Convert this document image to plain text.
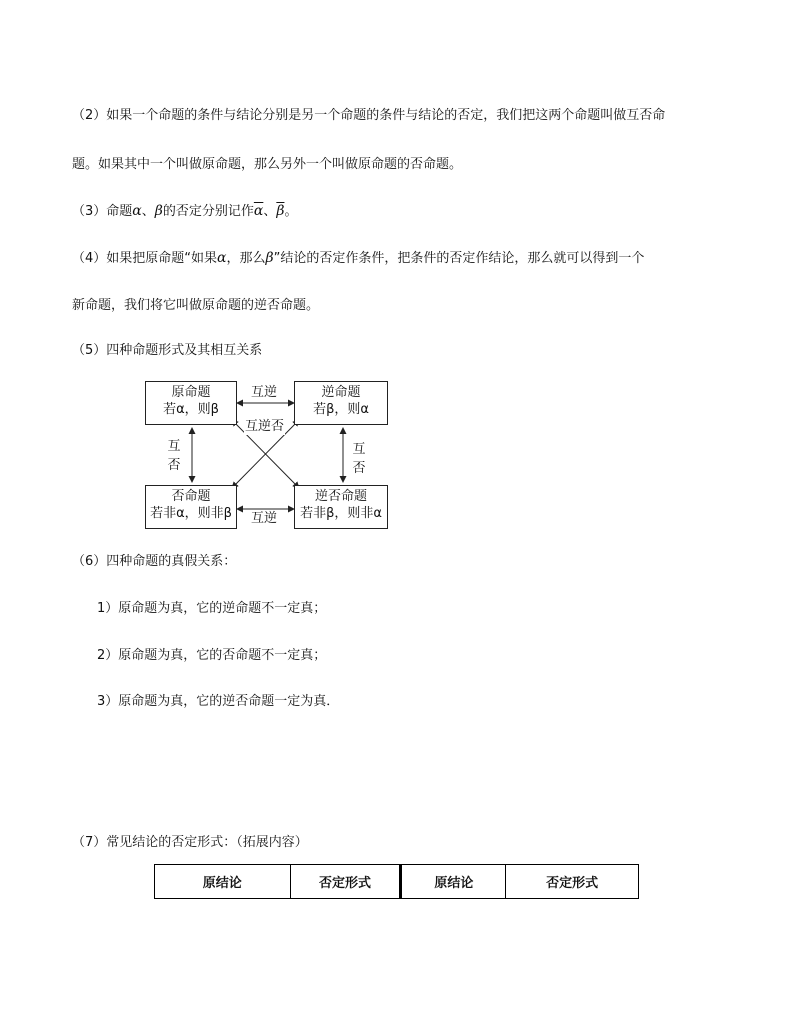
（2）如果一个命题的条件与结论分别是另一个命题的条件与结论的否定，我们把这两个命题叫做互否命
题。如果其中一个叫做原命题，那么另外一个叫做原命题的否命题。
（3）命题α、β的否定分别记作$\overline{\alpha}$、$\overline{\beta}$。
（4）如果把原命题“如果α，那么β”结论的否定作条件，把条件的否定作结论，那么就可以得到一个
新命题，我们将它叫做原命题的逆否命题。
（5）四种命题形式及其相互关系
原命题
若α，则β
逆命题
若β，则α
否命题
若非α，则非β
逆否命题
若非β，则非α
互逆
互逆
互逆否
互
否
互
否
（6）四种命题的真假关系：
1）原命题为真，它的逆命题不一定真；
2）原命题为真，它的否命题不一定真；
3）原命题为真，它的逆否命题一定为真．
（7）常见结论的否定形式：（拓展内容）
原结论	否定形式	原结论	否定形式
